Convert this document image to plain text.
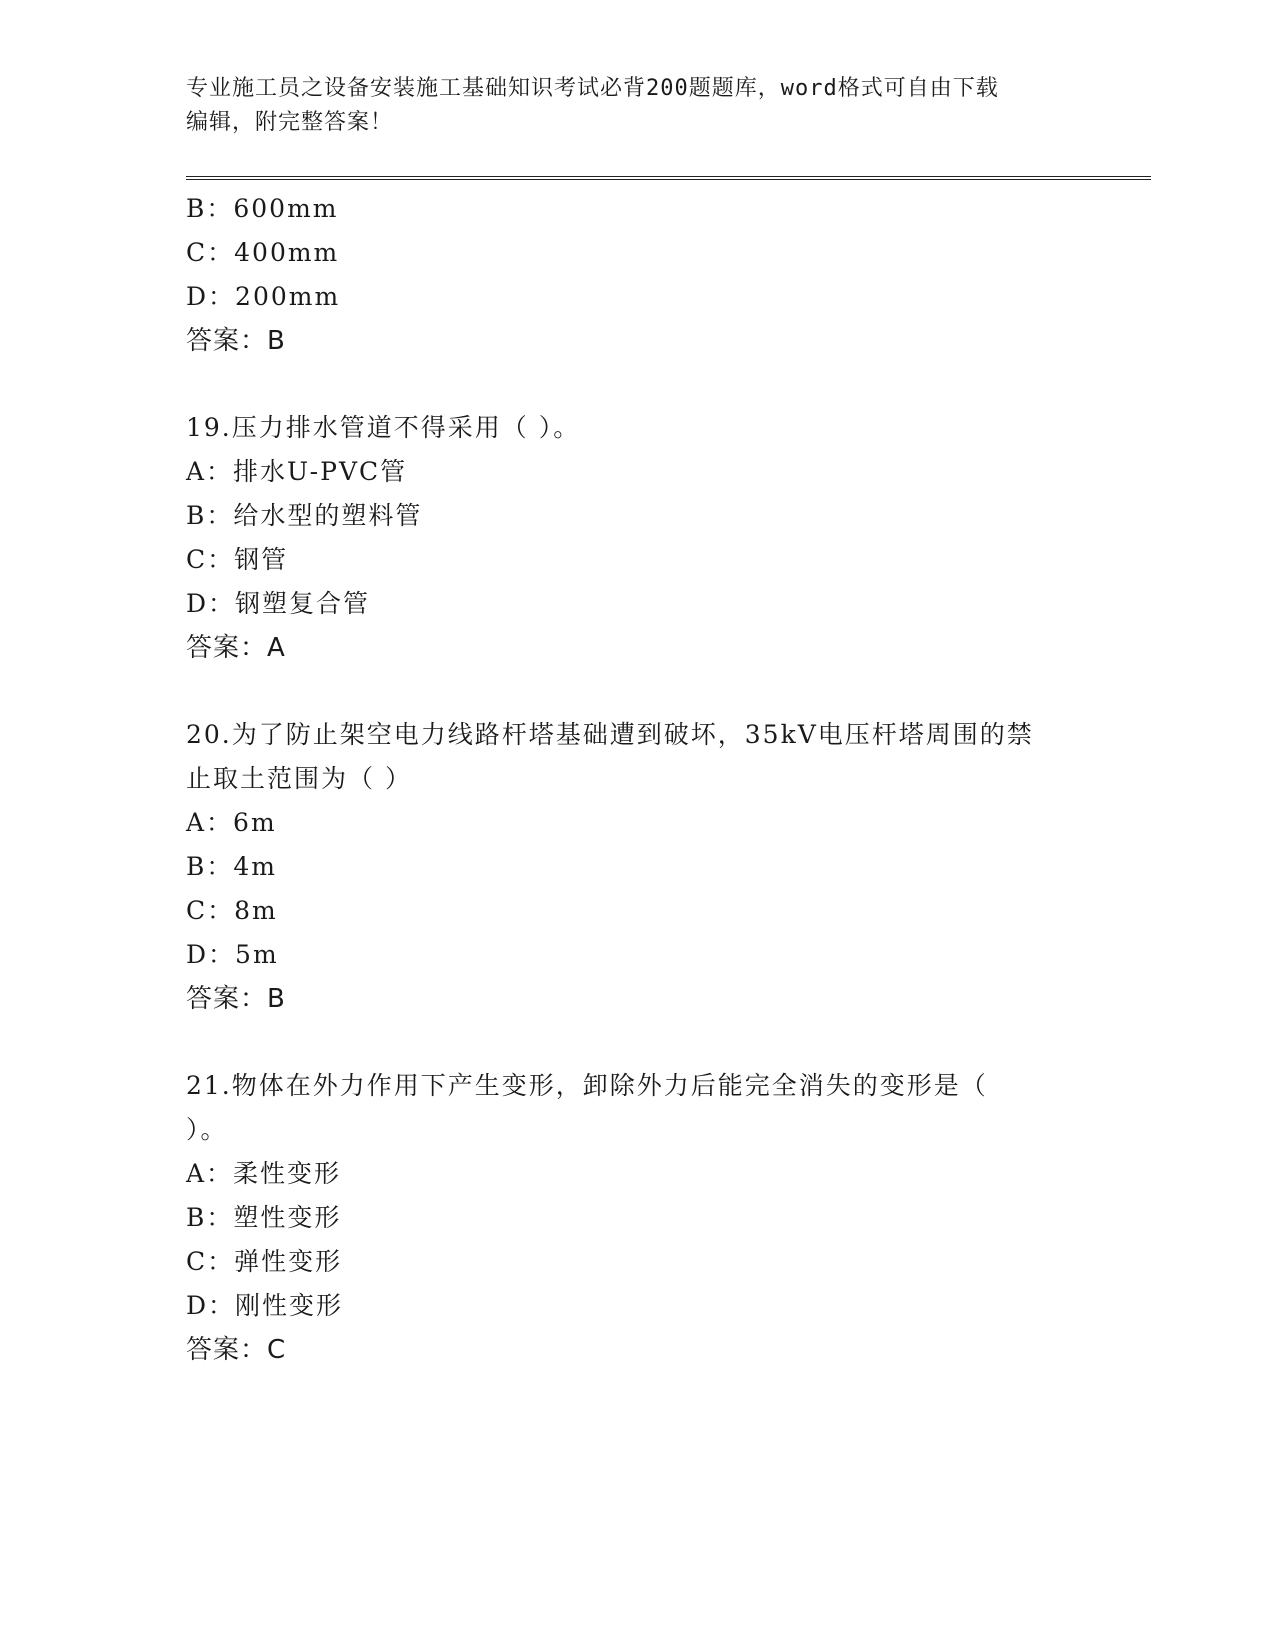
专业施工员之设备安装施工基础知识考试必背200题题库，word格式可自由下载
编辑，附完整答案！
B：600mm
C：400mm
D：200mm
答案：B
19.压力排水管道不得采用（ ）。
A：排水U-PVC管
B：给水型的塑料管
C：钢管
D：钢塑复合管
答案：A
20.为了防止架空电力线路杆塔基础遭到破坏，35kV电压杆塔周围的禁
止取土范围为（ ）
A：6m
B：4m
C：8m
D：5m
答案：B
21.物体在外力作用下产生变形，卸除外力后能完全消失的变形是（
）。
A：柔性变形
B：塑性变形
C：弹性变形
D：刚性变形
答案：C
